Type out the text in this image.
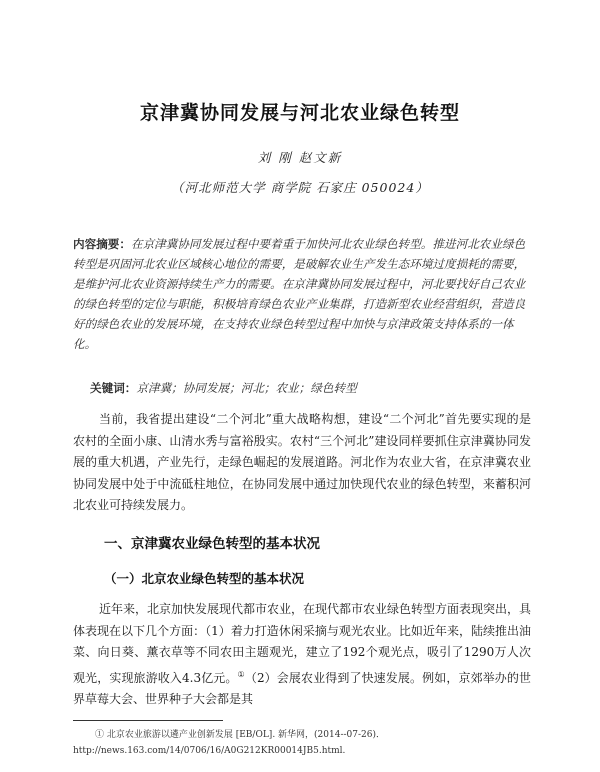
京津冀协同发展与河北农业绿色转型
刘 刚 赵文新
（河北师范大学 商学院 石家庄 050024）
内容摘要：在京津冀协同发展过程中要着重于加快河北农业绿色转型。推进河北农业绿色转型是巩固河北农业区域核心地位的需要，是破解农业生产发生态环境过度损耗的需要，是维护河北农业资源持续生产力的需要。在京津冀协同发展过程中，河北要找好自己农业的绿色转型的定位与职能，积极培育绿色农业产业集群，打造新型农业经营组织，营造良好的绿色农业的发展环境，在支持农业绿色转型过程中加快与京津政策支持体系的一体化。
关键词：京津冀；协同发展；河北；农业；绿色转型
当前，我省提出建设“二个河北”重大战略构想，建设“二个河北”首先要实现的是农村的全面小康、山清水秀与富裕殷实。农村“三个河北”建设同样要抓住京津冀协同发展的重大机遇，产业先行，走绿色崛起的发展道路。河北作为农业大省，在京津冀农业协同发展中处于中流砥柱地位，在协同发展中通过加快现代农业的绿色转型，来蓄积河北农业可持续发展力。
一、京津冀农业绿色转型的基本状况
（一）北京农业绿色转型的基本状况
近年来，北京加快发展现代都市农业，在现代都市农业绿色转型方面表现突出，具体表现在以下几个方面：（1）着力打造休闲采摘与观光农业。比如近年来，陆续推出油菜、向日葵、薰衣草等不同农田主题观光，建立了192个观光点，吸引了1290万人次观光，实现旅游收入4.3亿元。①（2）会展农业得到了快速发展。例如，京郊举办的世界草莓大会、世界种子大会都是其
① 北京农业旅游以遴产业创新发展 [EB/OL]. 新华网，(2014--07-26)．http://news.163.com/14/0706/16/A0G212KR00014JB5.html.
